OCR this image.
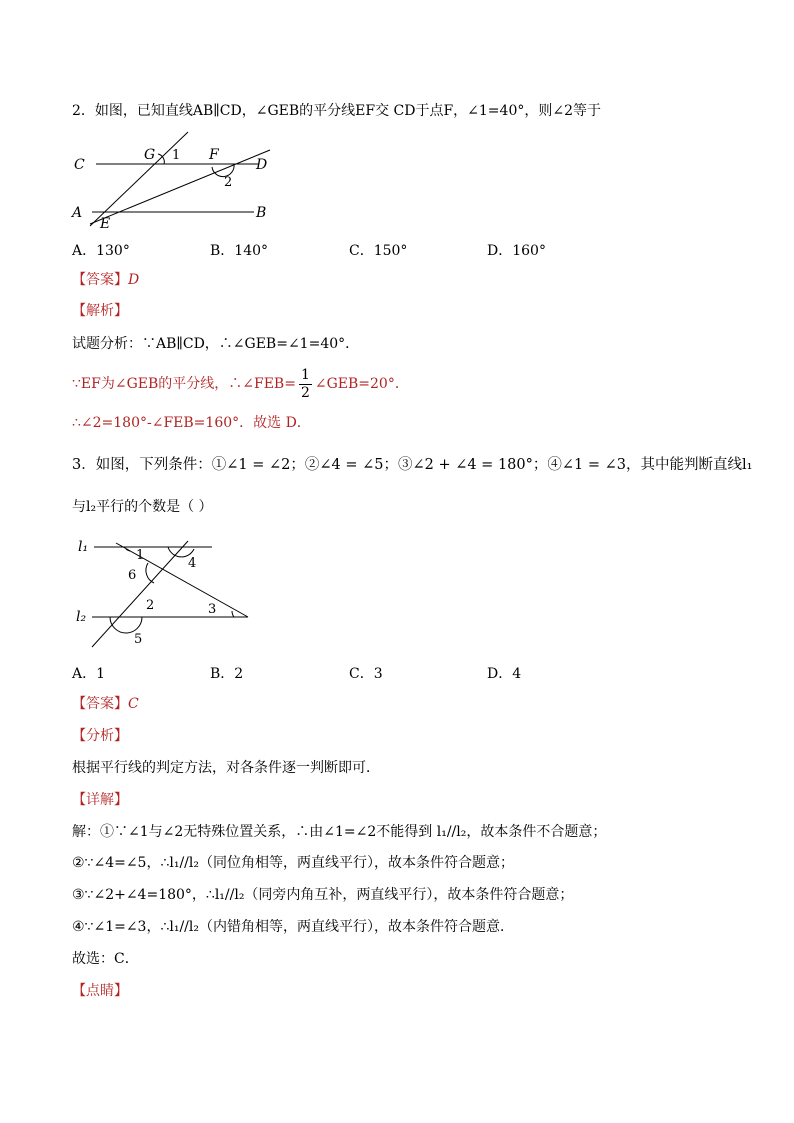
2．如图，已知直线AB∥CD，∠GEB的平分线EF交 CD于点F，∠1=40°，则∠2等于
C
G 1 F
D
2
A
E
B
A．130°	B．140°	C．150°	D．160°
【答案】D
【解析】
试题分析：∵AB∥CD，∴∠GEB=∠1=40°．
∵EF为∠GEB的平分线，∴∠FEB= $\frac{1}{2}$ ∠GEB=20°．
∴∠2=180°-∠FEB=160°．故选 D．
3．如图，下列条件：①∠1 = ∠2；②∠4 = ∠5；③∠2 + ∠4 = 180°；④∠1 = ∠3，其中能判断直线l₁
与l₂平行的个数是（ ）
l₁
l₂
1
4
6
2	3
5
A．1	B．2	C．3	D．4
【答案】C
【分析】
根据平行线的判定方法，对各条件逐一判断即可．
【详解】
解：①∵∠1与∠2无特殊位置关系，∴由∠1=∠2不能得到 l₁//l₂，故本条件不合题意；
②∵∠4=∠5，∴l₁//l₂（同位角相等，两直线平行），故本条件符合题意；
③∵∠2+∠4=180°，∴l₁//l₂（同旁内角互补，两直线平行），故本条件符合题意；
④∵∠1=∠3，∴l₁//l₂（内错角相等，两直线平行），故本条件符合题意．
故选：C．
【点睛】
